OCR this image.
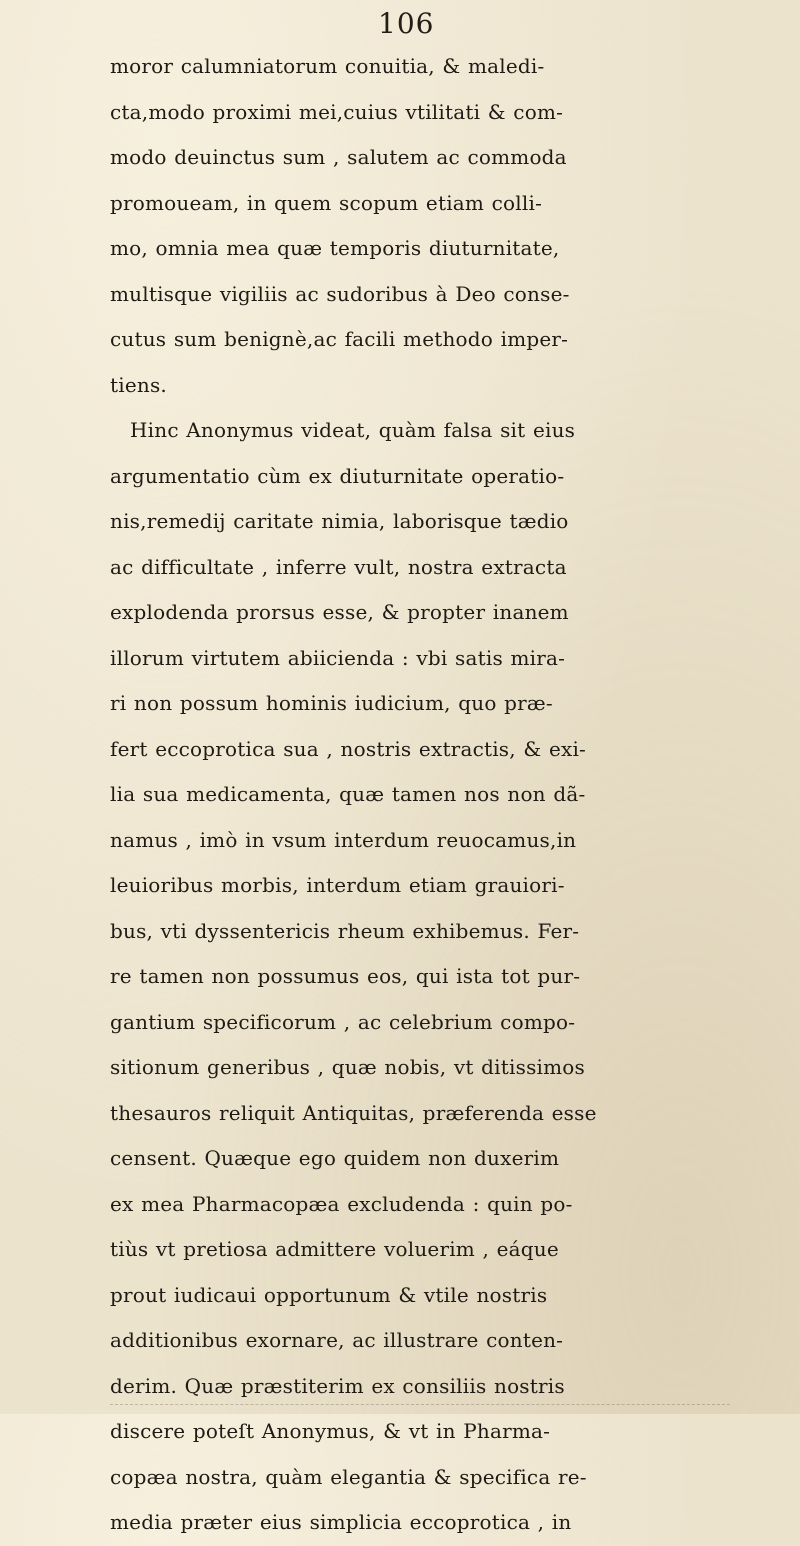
106
moror calumniatorum conuitia, & maledi-
cta,modo proximi mei,cuius vtilitati & com-
modo deuinctus sum , salutem ac commoda
promoueam, in quem scopum etiam colli-
mo, omnia mea quæ temporis diuturnitate,
multisque vigiliis ac sudoribus à Deo conse-
cutus sum benignè,ac facili methodo imper-
tiens.
Hinc Anonymus videat, quàm falsa sit eius
argumentatio cùm ex diuturnitate operatio-
nis,remedij caritate nimia, laborisque tædio
ac difficultate , inferre vult, nostra extracta
explodenda prorsus esse, & propter inanem
illorum virtutem abiicienda : vbi satis mira-
ri non possum hominis iudicium, quo præ-
fert eccoprotica sua , nostris extractis, & exi-
lia sua medicamenta, quæ tamen nos non dã-
namus , imò in vsum interdum reuocamus,in
leuioribus morbis, interdum etiam grauiori-
bus, vti dyssentericis rheum exhibemus. Fer-
re tamen non possumus eos, qui ista tot pur-
gantium specificorum , ac celebrium compo-
sitionum generibus , quæ nobis, vt ditissimos
thesauros reliquit Antiquitas, præferenda esse
censent. Quæque ego quidem non duxerim
ex mea Pharmacopæa excludenda : quin po-
tiùs vt pretiosa admittere voluerim , eáque
prout iudicaui opportunum & vtile nostris
additionibus exornare, ac illustrare conten-
derim. Quæ præstiterim ex consiliis nostris
discere poteſt Anonymus, & vt in Pharma-
copæa nostra, quàm elegantia & specifica re-
media præter eius simplicia eccoprotica , in
